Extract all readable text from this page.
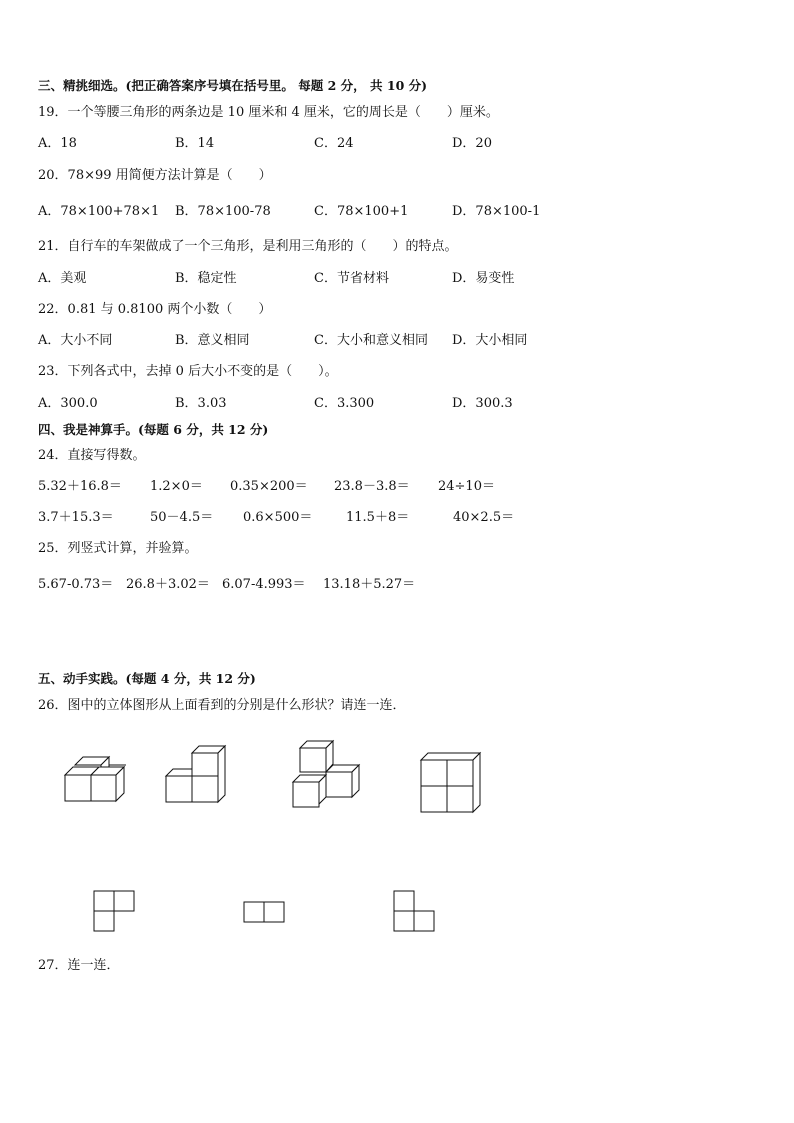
三、精挑细选。(把正确答案序号填在括号里。 每题 2 分， 共 10 分)
19．一个等腰三角形的两条边是 10 厘米和 4 厘米，它的周长是（　　）厘米。
A．18	B．14	C．24	D．20
20．78×99 用简便方法计算是（　　）
A．78×100+78×1 B．78×100-78	C．78×100+1	D．78×100-1
21．自行车的车架做成了一个三角形，是利用三角形的（　　）的特点。
A．美观	B．稳定性	C．节省材料	D．易变性
22．0.81 与 0.8100 两个小数（　　）
A．大小不同	B．意义相同	C．大小和意义相同 D．大小相同
23．下列各式中，去掉 0 后大小不变的是（　　）。
A．300.0	B．3.03	C．3.300	D．300.3
四、我是神算手。(每题 6 分，共 12 分)
24．直接写得数。
5.32＋16.8＝ 1.2×0＝ 0.35×200＝ 23.8－3.8＝ 24÷10＝
3.7＋15.3＝	50－4.5＝ 0.6×500＝	11.5＋8＝	40×2.5＝
25．列竖式计算，并验算。
5.67-0.73＝ 26.8＋3.02＝ 6.07-4.993＝ 13.18＋5.27＝
五、动手实践。(每题 4 分，共 12 分)
26．图中的立体图形从上面看到的分别是什么形状？请连一连．
27．连一连．
